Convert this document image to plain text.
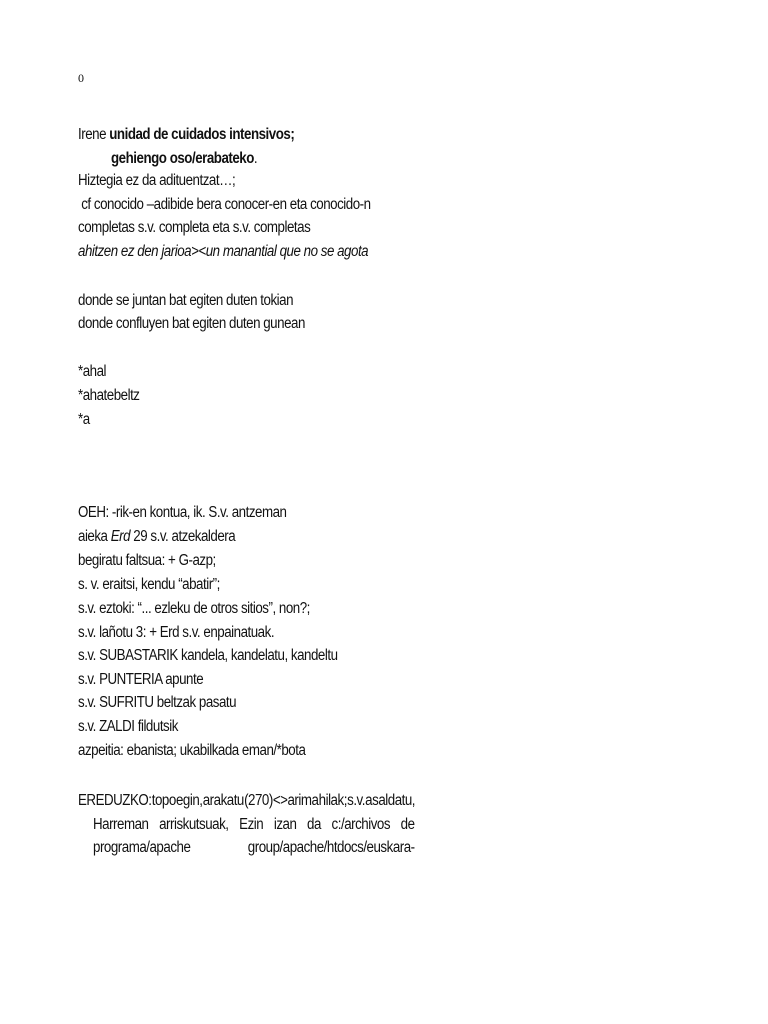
0
Irene unidad de cuidados intensivos;
gehiengo oso/erabateko.
Hiztegia ez da adituentzat…;
cf conocido –adibide bera conocer-en eta conocido-n
completas s.v. completa eta s.v. completas
ahitzen ez den jarioa><un manantial que no se agota
donde se juntan bat egiten duten tokian
donde confluyen bat egiten duten gunean
*ahal
*ahatebeltz
*a
OEH: -rik-en kontua, ik. S.v. antzeman
aieka Erd 29 s.v. atzekaldera
begiratu faltsua: + G-azp;
s. v. eraitsi, kendu “abatir”;
s.v. eztoki: “... ezleku de otros sitios”, non?;
s.v. lañotu 3: + Erd s.v. enpainatuak.
s.v. SUBASTARIK kandela, kandelatu, kandeltu
s.v. PUNTERIA apunte
s.v. SUFRITU beltzak pasatu
s.v. ZALDI fildutsik
azpeitia: ebanista; ukabilkada eman/*bota
EREDUZKO: topo egin, arakatu (270)<>arima hilak; s.v. asaldatu,
Harreman arriskutsuak, Ezin izan da c:/archivos de
programa/apache	group/apache/htdocs/euskara-
